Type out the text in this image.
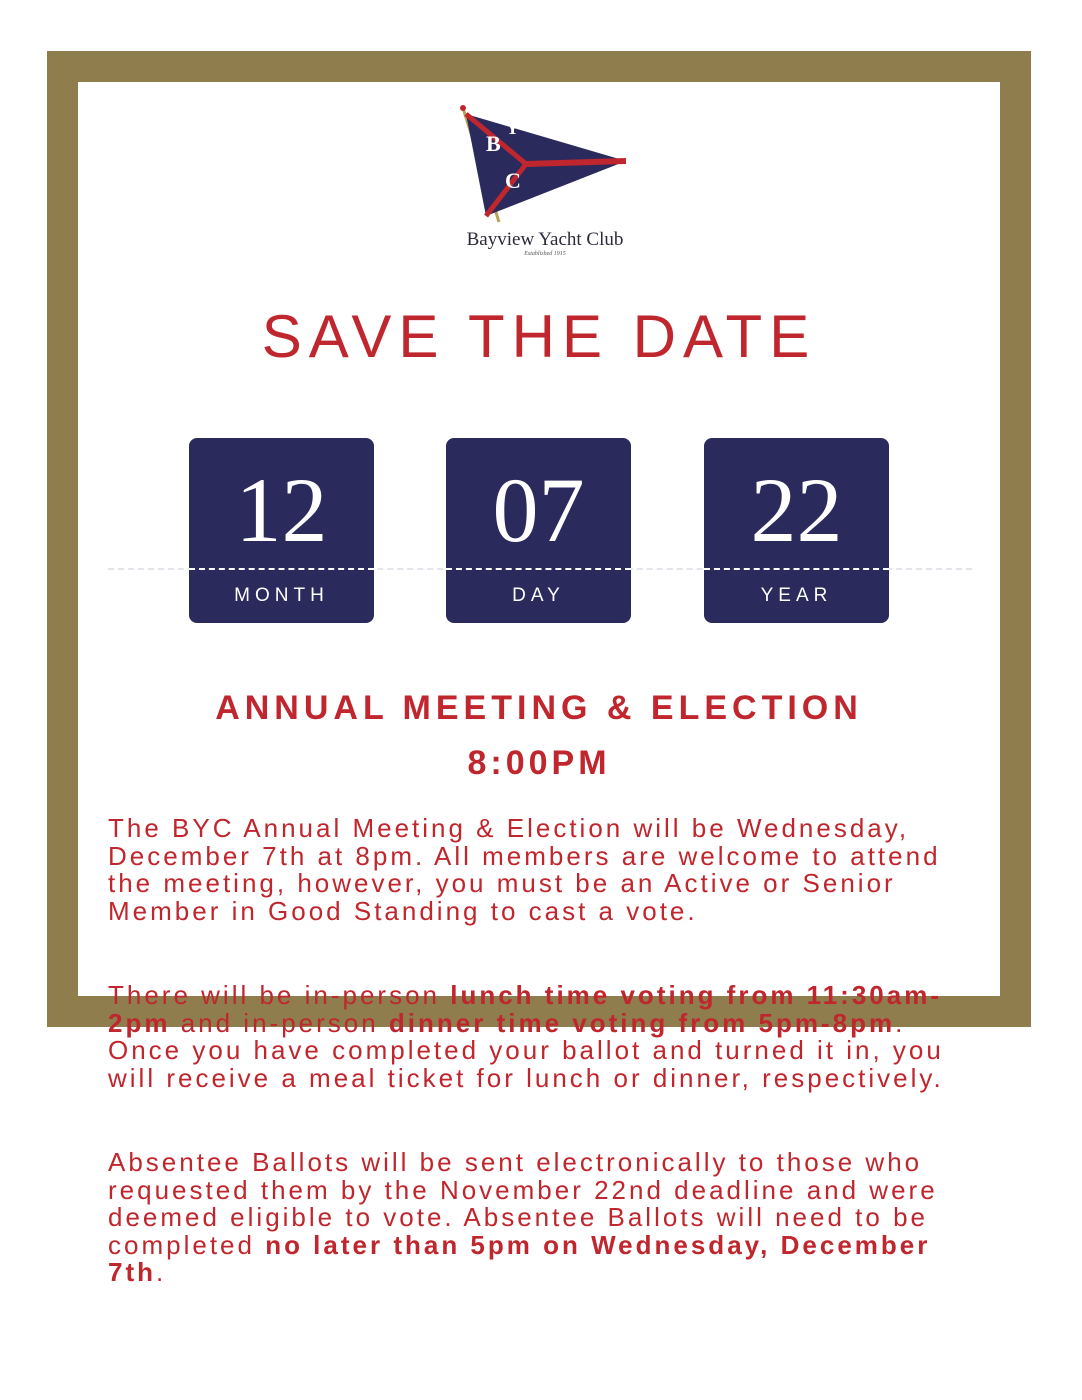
B
Y
C
Bayview Yacht Club
Established 1915
SAVE THE DATE
12
MONTH
07
DAY
22
YEAR
ANNUAL MEETING & ELECTION
8:00PM

The BYC Annual Meeting & Election will be Wednesday, December 7th at 8pm. All members are welcome to attend the meeting, however, you must be an Active or Senior Member in Good Standing to cast a vote.

There will be in-person lunch time voting from 11:30am-2pm and in-person dinner time voting from 5pm-8pm. Once you have completed your ballot and turned it in, you will receive a meal ticket for lunch or dinner, respectively.

Absentee Ballots will be sent electronically to those who requested them by the November 22nd deadline and were deemed eligible to vote. Absentee Ballots will need to be completed no later than 5pm on Wednesday, December 7th.
